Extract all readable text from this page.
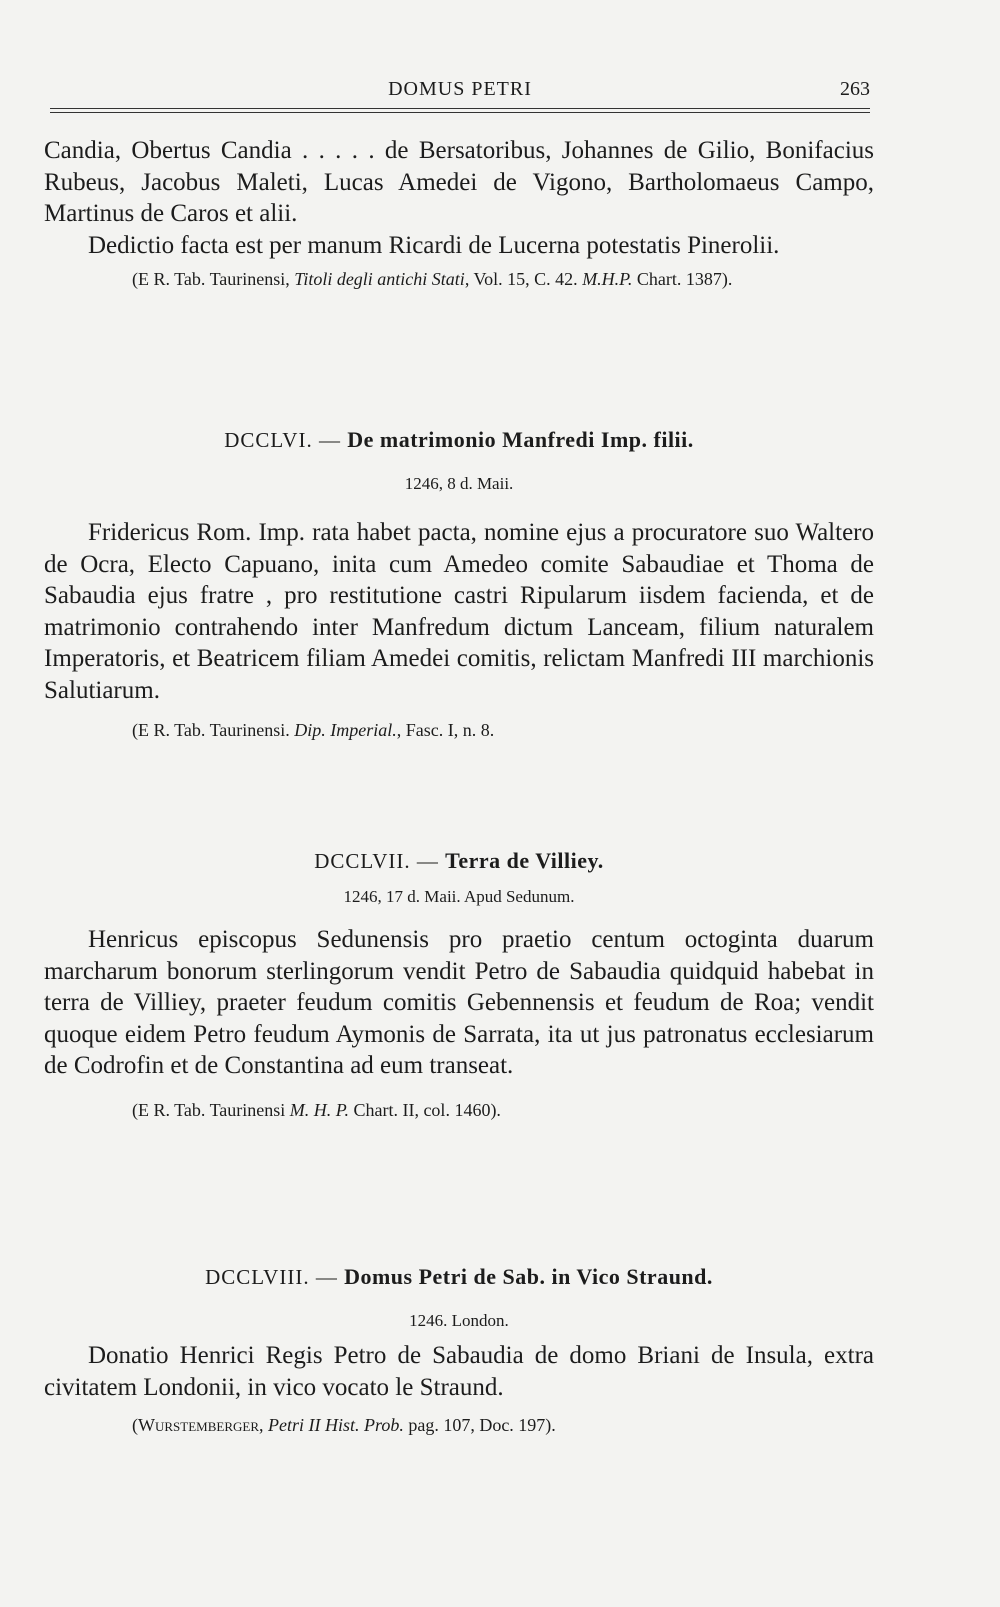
DOMUS PETRI	263

Candia, Obertus Candia . . . . . de Bersatoribus, Johannes de Gilio, Bonifacius Rubeus, Jacobus Maleti, Lucas Amedei de Vigono, Bartholomaeus Campo, Martinus de Caros et alii.

Dedictio facta est per manum Ricardi de Lucerna potestatis Pinerolii.

(E R. Tab. Taurinensi, Titoli degli antichi Stati, Vol. 15, C. 42. M.H.P. Chart. 1387).

DCCLVI. — De matrimonio Manfredi Imp. filii.

1246, 8 d. Maii.

Fridericus Rom. Imp. rata habet pacta, nomine ejus a procuratore suo Waltero de Ocra, Electo Capuano, inita cum Amedeo comite Sabaudiae et Thoma de Sabaudia ejus fratre , pro restitutione castri Ripularum iisdem facienda, et de matrimonio contrahendo inter Manfredum dictum Lanceam, filium naturalem Imperatoris, et Beatricem filiam Amedei comitis, relictam Manfredi III marchionis Salutiarum.

(E R. Tab. Taurinensi. Dip. Imperial., Fasc. I, n. 8.

DCCLVII. — Terra de Villiey.

1246, 17 d. Maii. Apud Sedunum.

Henricus episcopus Sedunensis pro praetio centum octoginta duarum marcharum bonorum sterlingorum vendit Petro de Sabaudia quidquid habebat in terra de Villiey, praeter feudum comitis Gebennensis et feudum de Roa; vendit quoque eidem Petro feudum Aymonis de Sarrata, ita ut jus patronatus ecclesiarum de Codrofin et de Constantina ad eum transeat.

(E R. Tab. Taurinensi M. H. P. Chart. II, col. 1460).

DCCLVIII. — Domus Petri de Sab. in Vico Straund.

1246. London.

Donatio Henrici Regis Petro de Sabaudia de domo Briani de Insula, extra civitatem Londonii, in vico vocato le Straund.

(Wurstemberger, Petri II Hist. Prob. pag. 107, Doc. 197).
